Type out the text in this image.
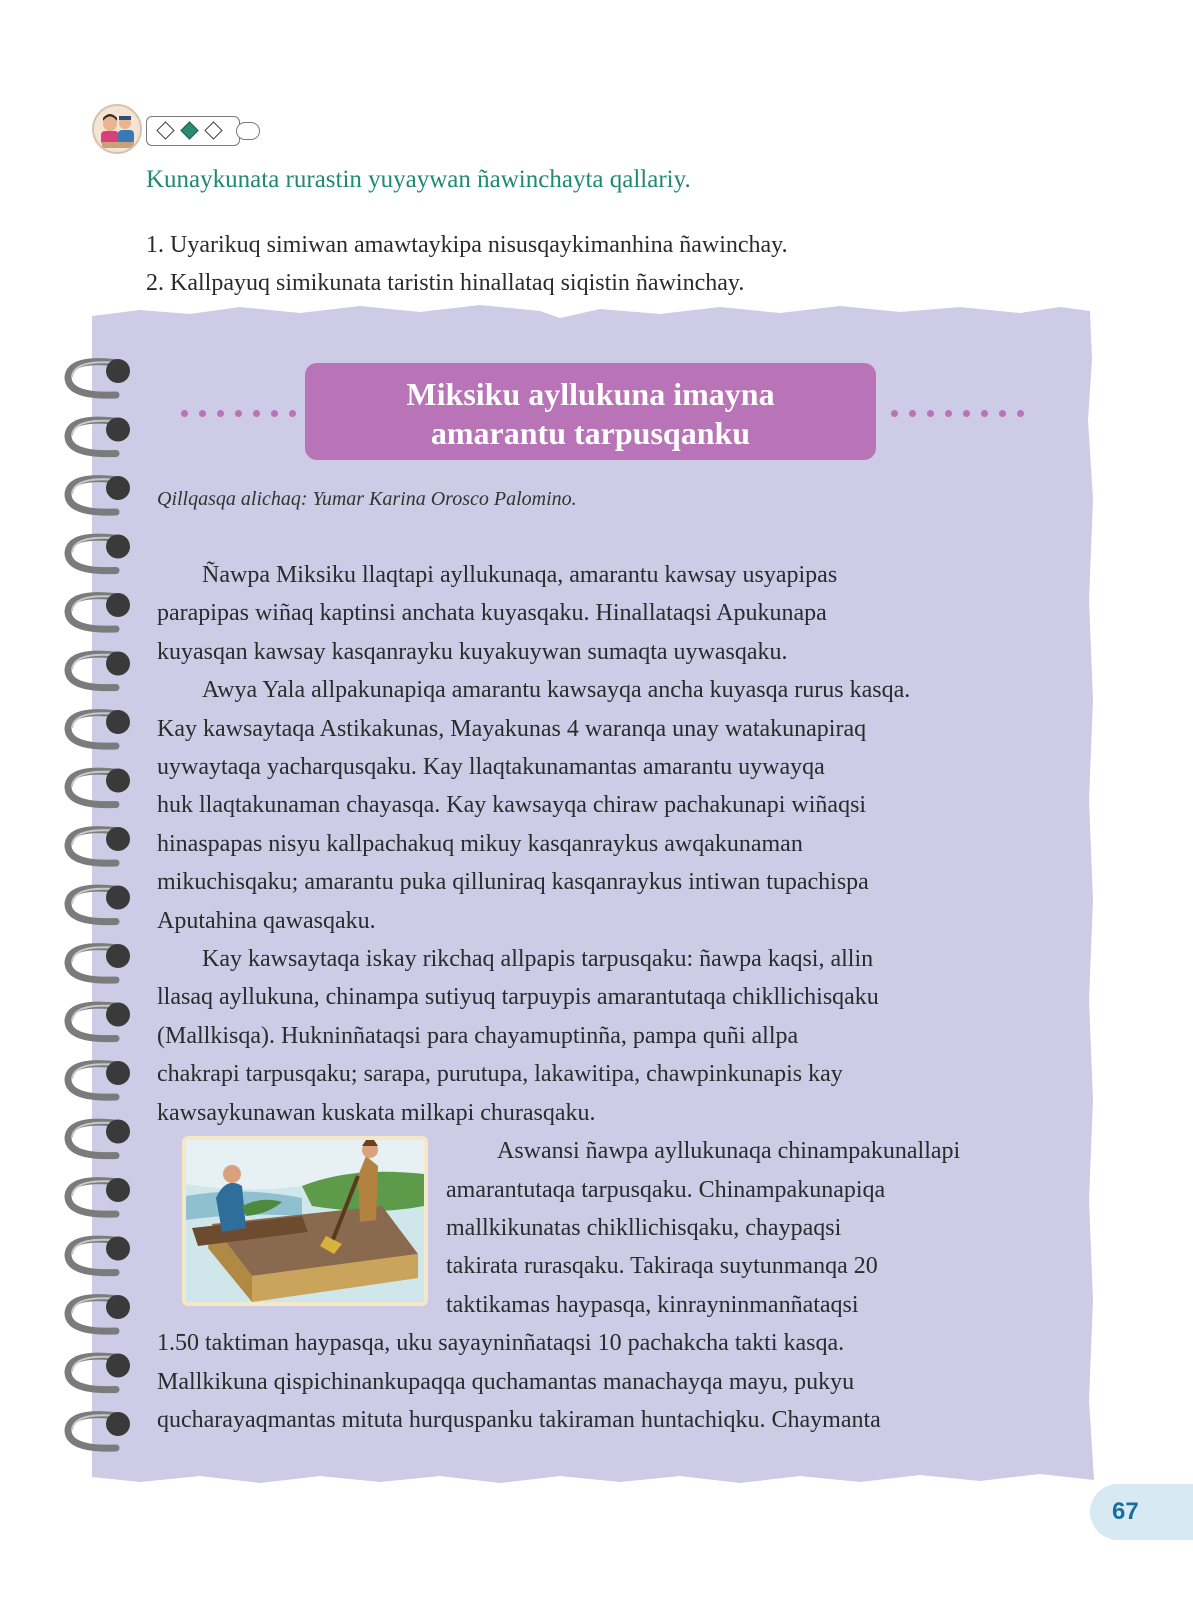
Kunaykunata rurastin yuyaywan ñawinchayta qallariy.
1. Uyarikuq simiwan amawtaykipa nisusqaykimanhina ñawinchay.
2. Kallpayuq simikunata taristin hinallataq siqistin ñawinchay.
Miksiku ayllukuna imayna
amarantu tarpusqanku
Qillqasqa alichaq: Yumar Karina Orosco Palomino.
Ñawpa Miksiku llaqtapi ayllukunaqa, amarantu kawsay usyapipas
parapipas wiñaq kaptinsi anchata kuyasqaku. Hinallataqsi Apukunapa
kuyasqan kawsay kasqanrayku kuyakuywan sumaqta uywasqaku.
Awya Yala allpakunapiqa amarantu kawsayqa ancha kuyasqa rurus kasqa.
Kay kawsaytaqa Astikakunas, Mayakunas 4 waranqa unay watakunapiraq
uywaytaqa yacharqusqaku. Kay llaqtakunamantas amarantu uywayqa
huk llaqtakunaman chayasqa. Kay kawsayqa chiraw pachakunapi wiñaqsi
hinaspapas nisyu kallpachakuq mikuy kasqanraykus awqakunaman
mikuchisqaku; amarantu puka qilluniraq kasqanraykus intiwan tupachispa
Aputahina qawasqaku.
Kay kawsaytaqa iskay rikchaq allpapis tarpusqaku: ñawpa kaqsi, allin
llasaq ayllukuna, chinampa sutiyuq tarpuypis amarantutaqa chikllichisqaku
(Mallkisqa). Hukninñataqsi para chayamuptinña, pampa quñi allpa
chakrapi tarpusqaku; sarapa, purutupa, lakawitipa, chawpinkunapis kay
kawsaykunawan kuskata milkapi churasqaku.
Aswansi ñawpa ayllukunaqa chinampakunallapi
amarantutaqa tarpusqaku. Chinampakunapiqa
mallkikunatas chikllichisqaku, chaypaqsi
takirata rurasqaku. Takiraqa suytunmanqa 20
taktikamas haypasqa, kinrayninmanñataqsi
1.50 taktiman haypasqa, uku sayayninñataqsi 10 pachakcha takti kasqa.
Mallkikuna qispichinankupaqqa quchamantas manachayqa mayu, pukyu
qucharayaqmantas mituta hurquspanku takiraman huntachiqku. Chaymanta
67
